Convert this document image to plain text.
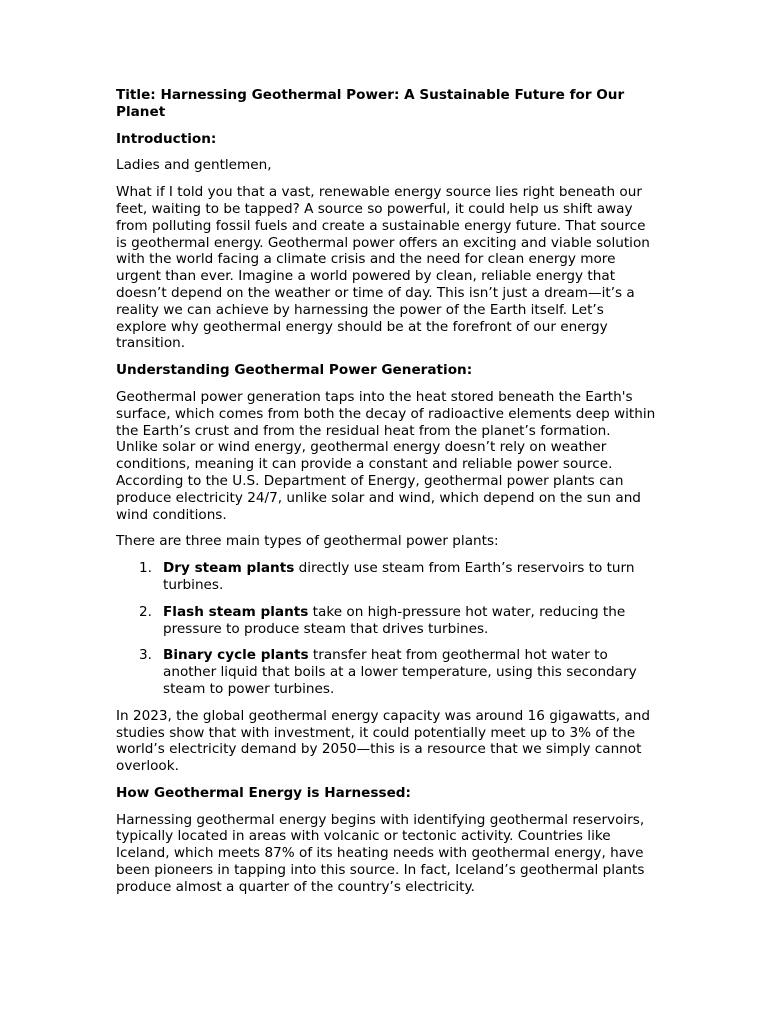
Title: Harnessing Geothermal Power: A Sustainable Future for Our Planet

Introduction:

Ladies and gentlemen,

What if I told you that a vast, renewable energy source lies right beneath our feet, waiting to be tapped? A source so powerful, it could help us shift away from polluting fossil fuels and create a sustainable energy future. That source is geothermal energy. Geothermal power offers an exciting and viable solution with the world facing a climate crisis and the need for clean energy more urgent than ever. Imagine a world powered by clean, reliable energy that doesn’t depend on the weather or time of day. This isn’t just a dream—it’s a reality we can achieve by harnessing the power of the Earth itself. Let’s explore why geothermal energy should be at the forefront of our energy transition.

Understanding Geothermal Power Generation:

Geothermal power generation taps into the heat stored beneath the Earth's surface, which comes from both the decay of radioactive elements deep within the Earth’s crust and from the residual heat from the planet’s formation. Unlike solar or wind energy, geothermal energy doesn’t rely on weather conditions, meaning it can provide a constant and reliable power source. According to the U.S. Department of Energy, geothermal power plants can produce electricity 24/7, unlike solar and wind, which depend on the sun and wind conditions.

There are three main types of geothermal power plants:

1. Dry steam plants directly use steam from Earth’s reservoirs to turn turbines.
2. Flash steam plants take on high-pressure hot water, reducing the pressure to produce steam that drives turbines.
3. Binary cycle plants transfer heat from geothermal hot water to another liquid that boils at a lower temperature, using this secondary steam to power turbines.

In 2023, the global geothermal energy capacity was around 16 gigawatts, and studies show that with investment, it could potentially meet up to 3% of the world’s electricity demand by 2050—this is a resource that we simply cannot overlook.

How Geothermal Energy is Harnessed:

Harnessing geothermal energy begins with identifying geothermal reservoirs, typically located in areas with volcanic or tectonic activity. Countries like Iceland, which meets 87% of its heating needs with geothermal energy, have been pioneers in tapping into this source. In fact, Iceland’s geothermal plants produce almost a quarter of the country’s electricity.
